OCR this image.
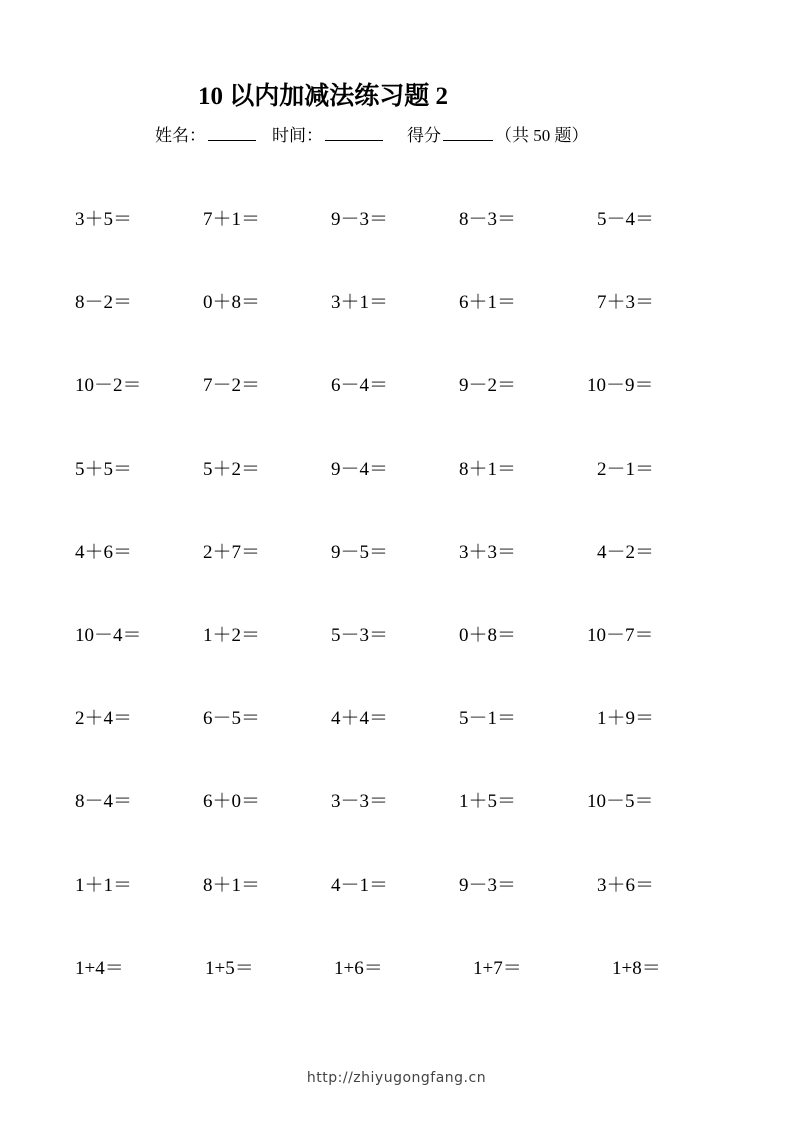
10 以内加减法练习题 2
姓名：	时间：	得分	（共 50 题）
3＋5＝	7＋1＝	9－3＝	8－3＝	5－4＝
8－2＝	0＋8＝	3＋1＝	6＋1＝	7＋3＝
10－2＝	7－2＝	6－4＝	9－2＝	10－9＝
5＋5＝	5＋2＝	9－4＝	8＋1＝	2－1＝
4＋6＝	2＋7＝	9－5＝	3＋3＝	4－2＝
10－4＝	1＋2＝	5－3＝	0＋8＝	10－7＝
2＋4＝	6－5＝	4＋4＝	5－1＝	1＋9＝
8－4＝	6＋0＝	3－3＝	1＋5＝	10－5＝
1＋1＝	8＋1＝	4－1＝	9－3＝	3＋6＝
1+4＝	1+5＝	1+6＝	1+7＝	1+8＝
http://zhiyugongfang.cn
